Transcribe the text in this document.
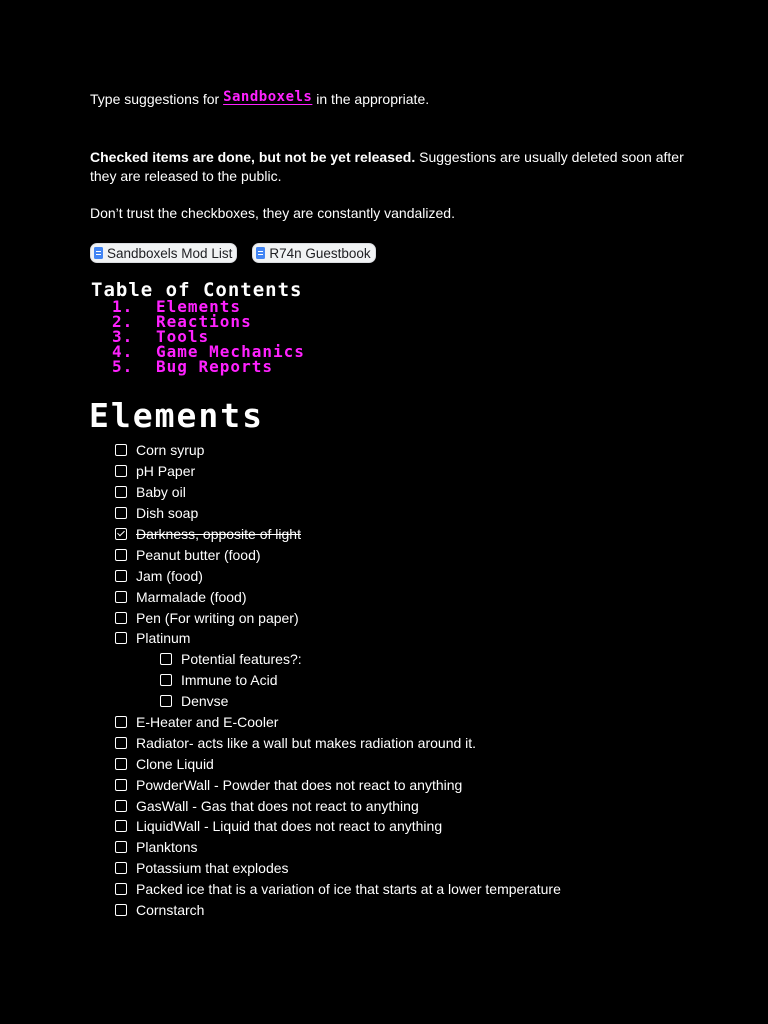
Type suggestions for Sandboxels in the appropriate.
Checked items are done, but not be yet released. Suggestions are usually deleted soon after they are released to the public.
Don’t trust the checkboxes, they are constantly vandalized.
Sandboxels Mod List	R74n Guestbook
Table of Contents
1. Elements
2. Reactions
3. Tools
4. Game Mechanics
5. Bug Reports
Elements
Corn syrup
pH Paper
Baby oil
Dish soap
Darkness, opposite of light
Peanut butter (food)
Jam (food)
Marmalade (food)
Pen (For writing on paper)
Platinum
Potential features?:
Immune to Acid
Denvse
E-Heater and E-Cooler
Radiator- acts like a wall but makes radiation around it.
Clone Liquid
PowderWall - Powder that does not react to anything
GasWall - Gas that does not react to anything
LiquidWall - Liquid that does not react to anything
Planktons
Potassium that explodes
Packed ice that is a variation of ice that starts at a lower temperature
Cornstarch
